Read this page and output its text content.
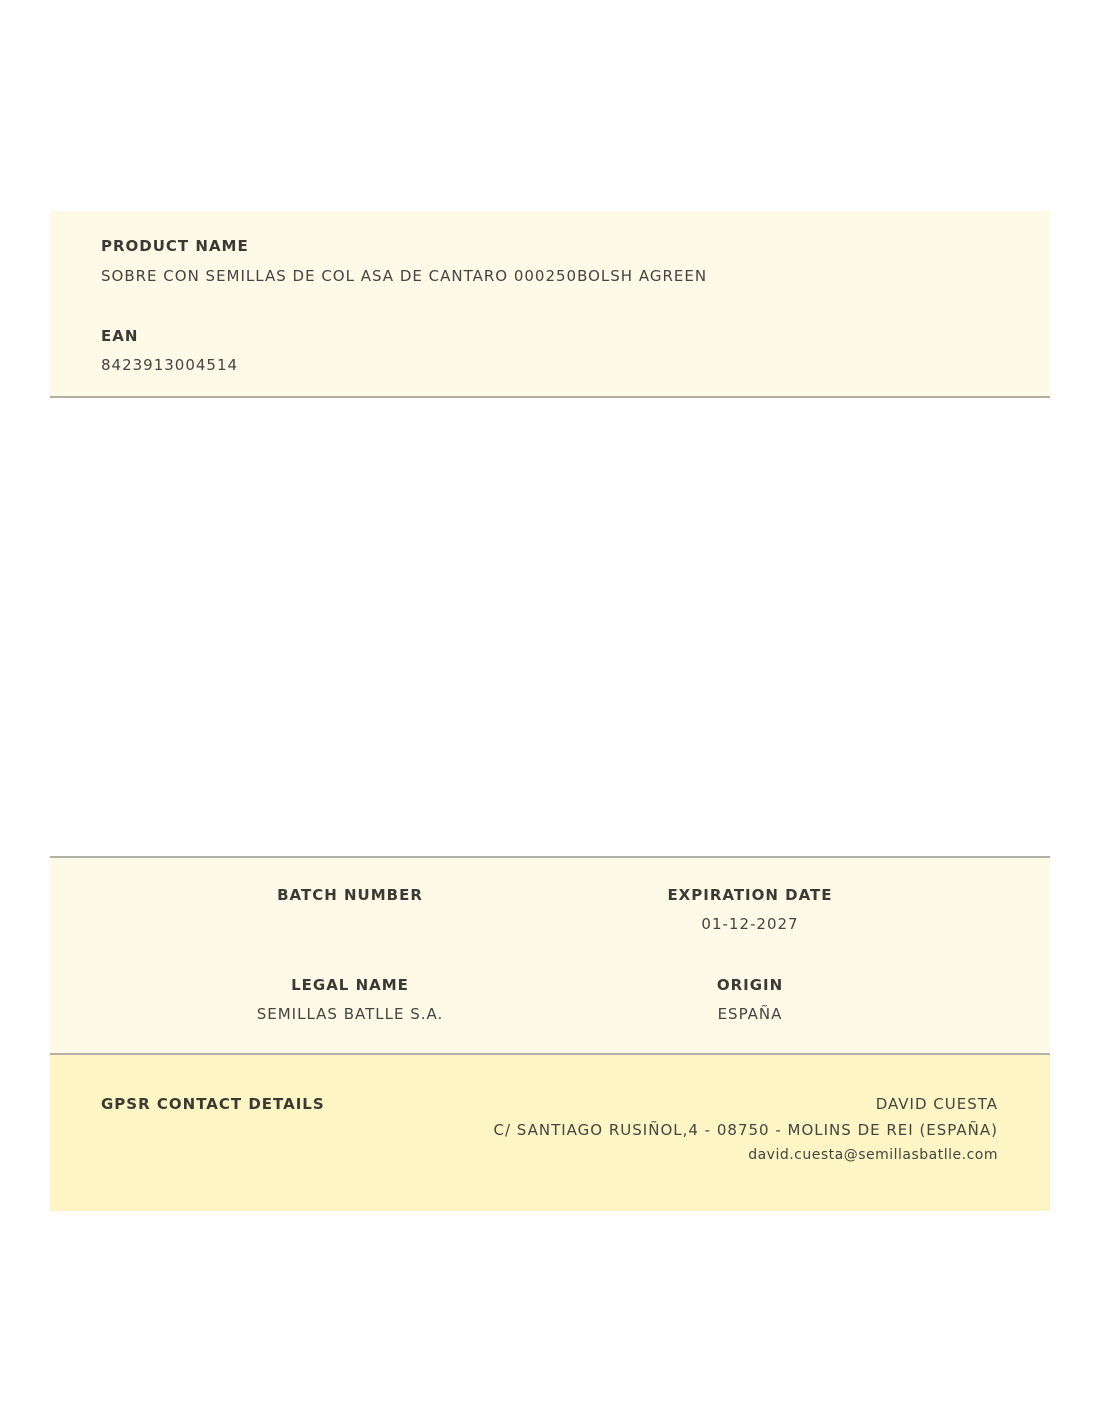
PRODUCT NAME
SOBRE CON SEMILLAS DE COL ASA DE CANTARO 000250BOLSH AGREEN
EAN
8423913004514
BATCH NUMBER	EXPIRATION DATE
01-12-2027
LEGAL NAME
SEMILLAS BATLLE S.A.
ORIGIN
ESPAÑA
GPSR CONTACT DETAILS	DAVID CUESTA
C/ SANTIAGO RUSIÑOL,4 - 08750 - MOLINS DE REI (ESPAÑA)
david.cuesta@semillasbatlle.com
